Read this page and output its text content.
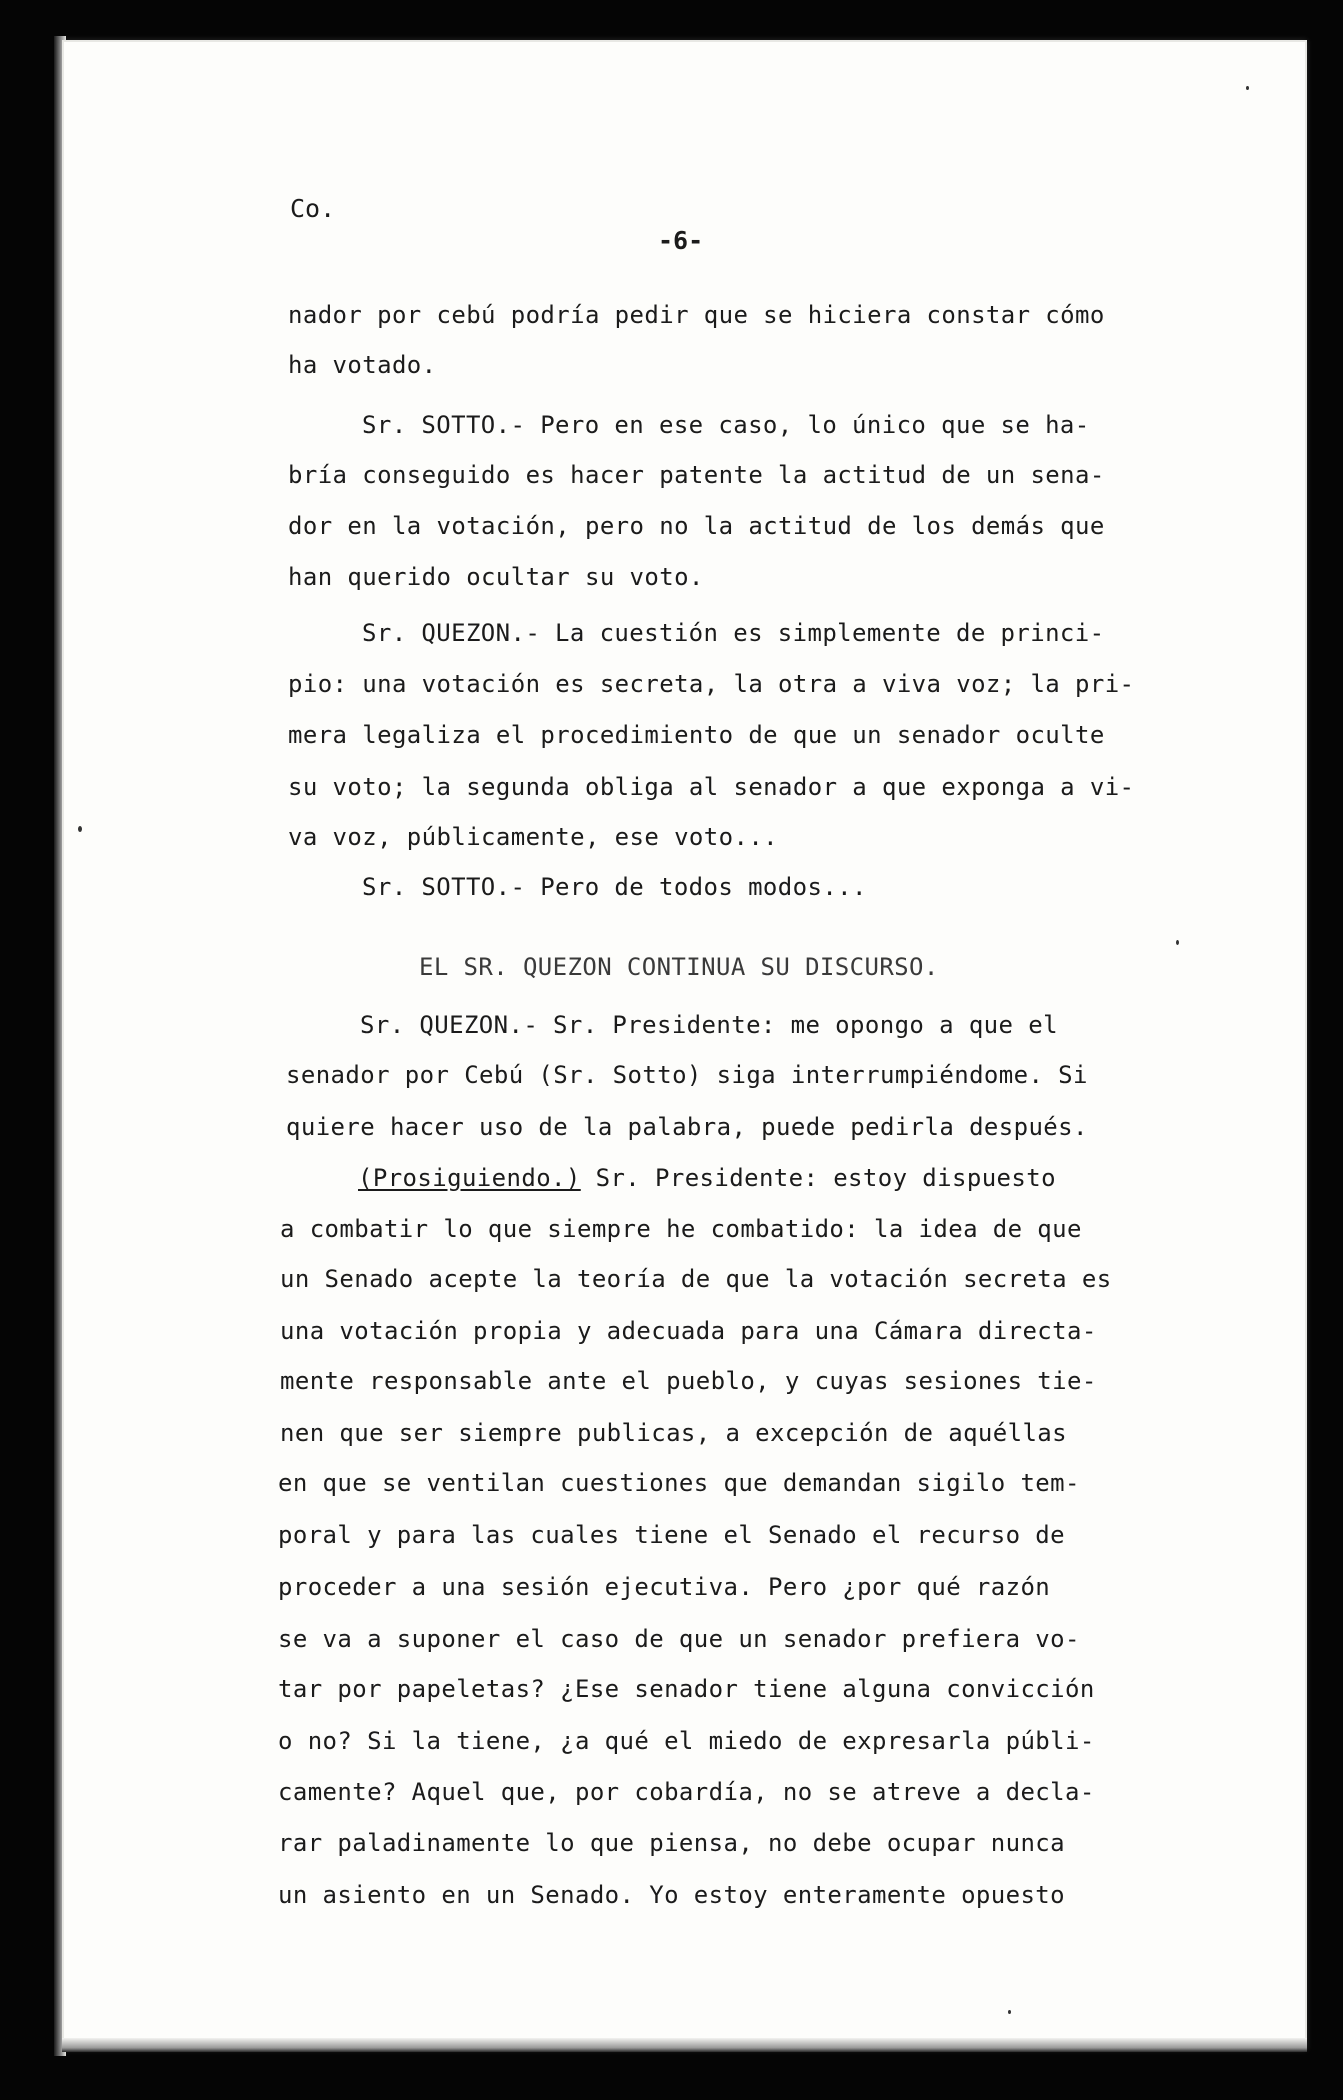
Co.
-6-
nador por cebú podría pedir que se hiciera constar cómo
ha votado.
Sr. SOTTO.- Pero en ese caso, lo único que se ha-
bría conseguido es hacer patente la actitud de un sena-
dor en la votación, pero no la actitud de los demás que
han querido ocultar su voto.
Sr. QUEZON.- La cuestión es simplemente de princi-
pio: una votación es secreta, la otra a viva voz; la pri-
mera legaliza el procedimiento de que un senador oculte
su voto; la segunda obliga al senador a que exponga a vi-
va voz, públicamente, ese voto...
Sr. SOTTO.- Pero de todos modos...
EL SR. QUEZON CONTINUA SU DISCURSO.
Sr. QUEZON.- Sr. Presidente: me opongo a que el
senador por Cebú (Sr. Sotto) siga interrumpiéndome. Si
quiere hacer uso de la palabra, puede pedirla después.
(Prosiguiendo.) Sr. Presidente: estoy dispuesto
a combatir lo que siempre he combatido: la idea de que
un Senado acepte la teoría de que la votación secreta es
una votación propia y adecuada para una Cámara directa-
mente responsable ante el pueblo, y cuyas sesiones tie-
nen que ser siempre publicas, a excepción de aquéllas
en que se ventilan cuestiones que demandan sigilo tem-
poral y para las cuales tiene el Senado el recurso de
proceder a una sesión ejecutiva. Pero ¿por qué razón
se va a suponer el caso de que un senador prefiera vo-
tar por papeletas? ¿Ese senador tiene alguna convicción
o no? Si la tiene, ¿a qué el miedo de expresarla públi-
camente? Aquel que, por cobardía, no se atreve a decla-
rar paladinamente lo que piensa, no debe ocupar nunca
un asiento en un Senado. Yo estoy enteramente opuesto
